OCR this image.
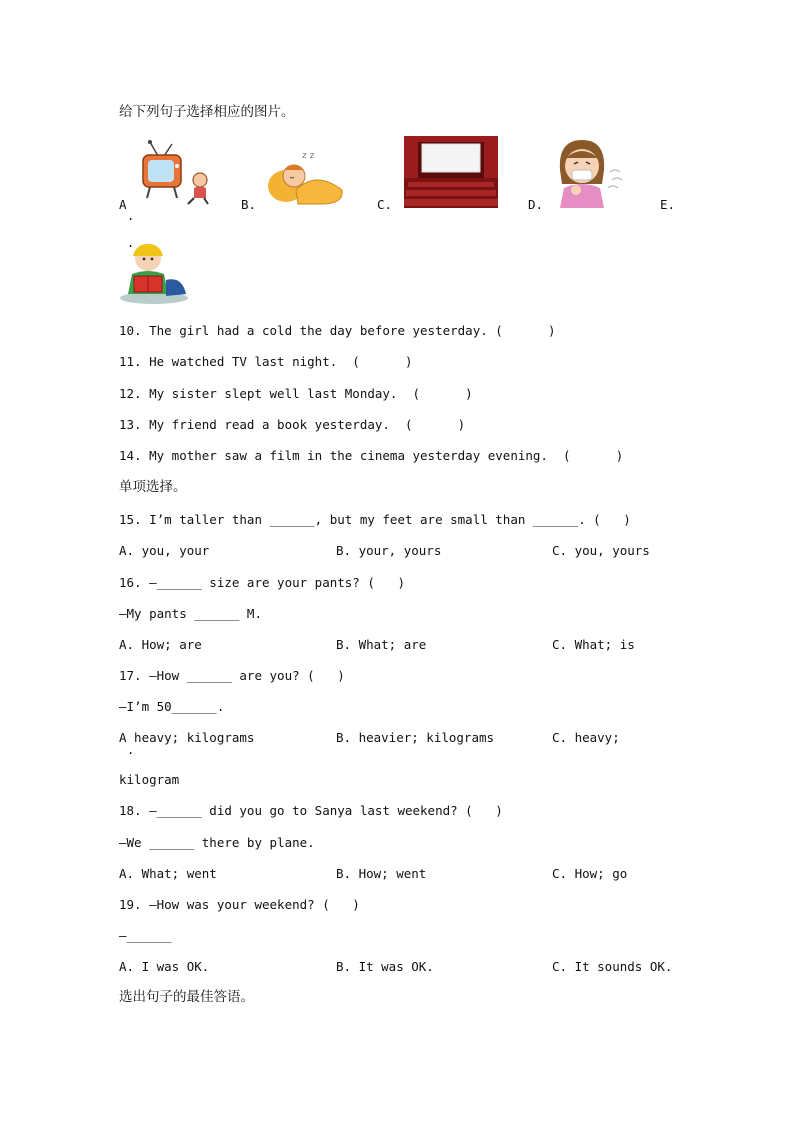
给下列句子选择相应的图片。
A
.
z z
B.	C.	D.	E.
.
10. The girl had a cold the day before yesterday. (      )
11. He watched TV last night.  (      )
12. My sister slept well last Monday.  (      )
13. My friend read a book yesterday.  (      )
14. My mother saw a film in the cinema yesterday evening.  (      )
单项选择。
15. I’m taller than ______, but my feet are small than ______. (   )
A. you, your	B. your, yours	C. you, yours
16. —______ size are your pants? (   )
—My pants ______ M.
A. How; are	B. What; are	C. What; is
17. —How ______ are you? (   )
—I’m 50______.
A heavy; kilograms	B. heavier; kilograms	C. heavy;
.
kilogram
18. —______ did you go to Sanya last weekend? (   )
—We ______ there by plane.
A. What; went	B. How; went	C. How; go
19. —How was your weekend? (   )
—______
A. I was OK.	B. It was OK.	C. It sounds OK.
选出句子的最佳答语。
